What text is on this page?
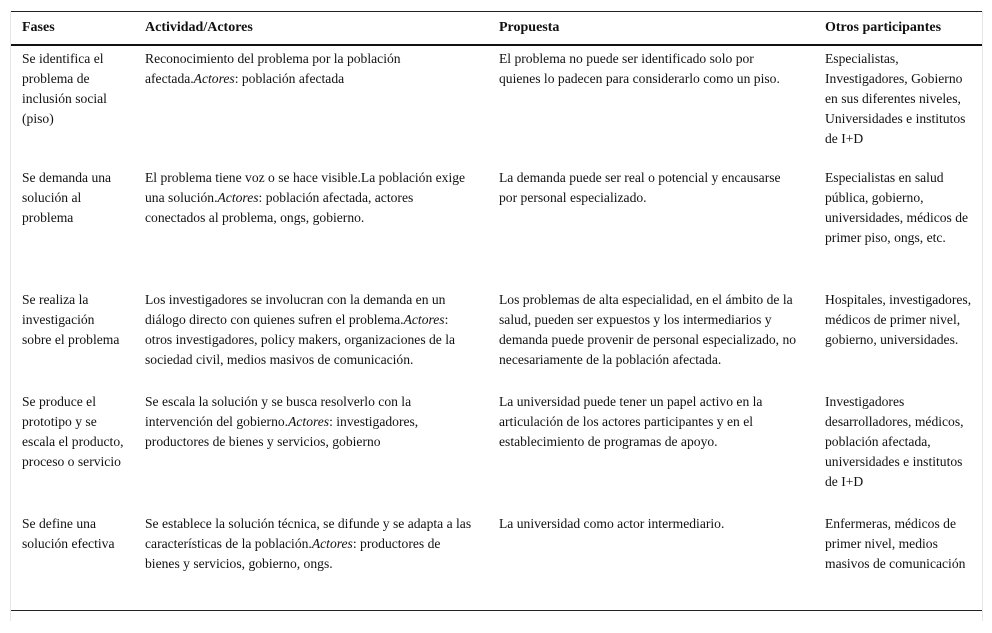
Fases	Actividad/Actores	Propuesta	Otros participantes
Se identifica el problema de inclusión social (piso)	Reconocimiento del problema por la población afectada.Actores: población afectada	El problema no puede ser identificado solo por quienes lo padecen para considerarlo como un piso.	Especialistas, Investigadores, Gobierno en sus diferentes niveles, Universidades e institutos de I+D
Se demanda una solución al problema	El problema tiene voz o se hace visible.La población exige una solución.Actores: población afectada, actores conectados al problema, ongs, gobierno.	La demanda puede ser real o potencial y encausarse por personal especializado.	Especialistas en salud pública, gobierno, universidades, médicos de primer piso, ongs, etc.
Se realiza la investigación sobre el problema	Los investigadores se involucran con la demanda en un diálogo directo con quienes sufren el problema.Actores: otros investigadores, policy makers, organizaciones de la sociedad civil, medios masivos de comunicación.	Los problemas de alta especialidad, en el ámbito de la salud, pueden ser expuestos y los intermediarios y demanda puede provenir de personal especializado, no necesariamente de la población afectada.	Hospitales, investigadores, médicos de primer nivel, gobierno, universidades.
Se produce el prototipo y se escala el producto, proceso o servicio	Se escala la solución y se busca resolverlo con la intervención del gobierno.Actores: investigadores, productores de bienes y servicios, gobierno	La universidad puede tener un papel activo en la articulación de los actores participantes y en el establecimiento de programas de apoyo.	Investigadores desarrolladores, médicos, población afectada, universidades e institutos de I+D
Se define una solución efectiva	Se establece la solución técnica, se difunde y se adapta a las características de la población.Actores: productores de bienes y servicios, gobierno, ongs.	La universidad como actor intermediario.	Enfermeras, médicos de primer nivel, medios masivos de comunicación
